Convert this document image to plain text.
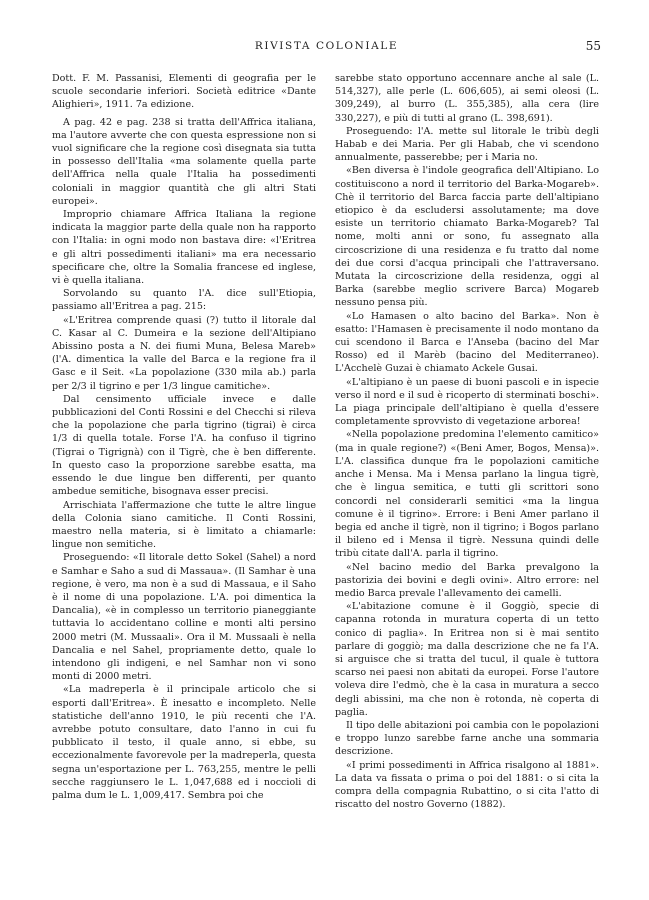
RIVISTA COLONIALE	55

Dott. F. M. Passanisi, Elementi di geografia per le scuole secondarie inferiori. Società editrice «Dante Alighieri», 1911. 7a edizione.

A pag. 42 e pag. 238 si tratta dell'Affrica italiana, ma l'autore avverte che con questa espressione non si vuol significare che la regione così disegnata sia tutta in possesso dell'Italia «ma solamente quella parte dell'Affrica nella quale l'Italia ha possedimenti coloniali in maggior quantità che gli altri Stati europei».

Improprio chiamare Affrica Italiana la regione indicata la maggior parte della quale non ha rapporto con l'Italia: in ogni modo non bastava dire: «l'Eritrea e gli altri possedimenti italiani» ma era necessario specificare che, oltre la Somalia francese ed inglese, vi è quella italiana.

Sorvolando su quanto l'A. dice sull'Etiopia, passiamo all'Eritrea a pag. 215:

«L'Eritrea comprende quasi (?) tutto il litorale dal C. Kasar al C. Dumeira e la sezione dell'Altipiano Abissino posta a N. dei fiumi Muna, Belesa Mareb» (l'A. dimentica la valle del Barca e la regione fra il Gasc e il Seit. «La popolazione (330 mila ab.) parla per 2/3 il tigrino e per 1/3 lingue camitiche».

Dal censimento ufficiale invece e dalle pubblicazioni del Conti Rossini e del Checchi si rileva che la popolazione che parla tigrino (tigrai) è circa 1/3 di quella totale. Forse l'A. ha confuso il tigrino (Tigrai o Tigrignà) con il Tigrè, che è ben differente. In questo caso la proporzione sarebbe esatta, ma essendo le due lingue ben differenti, per quanto ambedue semitiche, bisognava esser precisi.

Arrischiata l'affermazione che tutte le altre lingue della Colonia siano camitiche. Il Conti Rossini, maestro nella materia, si è limitato a chiamarle: lingue non semitiche.

Proseguendo: «Il litorale detto Sokel (Sahel) a nord e Samhar e Saho a sud di Massaua». (Il Samhar è una regione, è vero, ma non è a sud di Massaua, e il Saho è il nome di una popolazione. L'A. poi dimentica la Dancalia), «è in complesso un territorio pianeggiante tuttavia lo accidentano colline e monti alti persino 2000 metri (M. Mussaali». Ora il M. Mussaali è nella Dancalia e nel Sahel, propriamente detto, quale lo intendono gli indigeni, e nel Samhar non vi sono monti di 2000 metri.

«La madreperla è il principale articolo che si esporti dall'Eritrea». È inesatto e incompleto. Nelle statistiche dell'anno 1910, le più recenti che l'A. avrebbe potuto consultare, dato l'anno in cui fu pubblicato il testo, il quale anno, si ebbe, su eccezionalmente favorevole per la madreperla, questa segna un'esportazione per L. 763,255, mentre le pelli secche raggiunsero le L. 1,047,688 ed i noccioli di palma dum le L. 1,009,417. Sembra poi che

sarebbe stato opportuno accennare anche al sale (L. 514,327), alle perle (L. 606,605), ai semi oleosi (L. 309,249), al burro (L. 355,385), alla cera (lire 330,227), e più di tutti al grano (L. 398,691).

Proseguendo: l'A. mette sul litorale le tribù degli Habab e dei Maria. Per gli Habab, che vi scendono annualmente, passerebbe; per i Maria no.

«Ben diversa è l'indole geografica dell'Altipiano. Lo costituiscono a nord il territorio del Barka-Mogareb». Chè il territorio del Barca faccia parte dell'altipiano etiopico è da escludersi assolutamente; ma dove esiste un territorio chiamato Barka-Mogareb? Tal nome, molti anni or sono, fu assegnato alla circoscrizione di una residenza e fu tratto dal nome dei due corsi d'acqua principali che l'attraversano. Mutata la circoscrizione della residenza, oggi al Barka (sarebbe meglio scrivere Barca) Mogareb nessuno pensa più.

«Lo Hamasen o alto bacino del Barka». Non è esatto: l'Hamasen è precisamente il nodo montano da cui scendono il Barca e l'Anseba (bacino del Mar Rosso) ed il Marèb (bacino del Mediterraneo). L'Acchelè Guzai è chiamato Ackele Gusai.

«L'altipiano è un paese di buoni pascoli e in ispecie verso il nord e il sud è ricoperto di sterminati boschi». La piaga principale dell'altipiano è quella d'essere completamente sprovvisto di vegetazione arborea!

«Nella popolazione predomina l'elemento camitico» (ma in quale regione?) «(Beni Amer, Bogos, Mensa)». L'A. classifica dunque fra le popolazioni camitiche anche i Mensa. Ma i Mensa parlano la lingua tigrè, che è lingua semitica, e tutti gli scrittori sono concordi nel considerarli semitici «ma la lingua comune è il tigrino». Errore: i Beni Amer parlano il begia ed anche il tigrè, non il tigrino; i Bogos parlano il bileno ed i Mensa il tigrè. Nessuna quindi delle tribù citate dall'A. parla il tigrino.

«Nel bacino medio del Barka prevalgono la pastorizia dei bovini e degli ovini». Altro errore: nel medio Barca prevale l'allevamento dei camelli.

«L'abitazione comune è il Goggiò, specie di capanna rotonda in muratura coperta di un tetto conico di paglia». In Eritrea non si è mai sentito parlare di goggiò; ma dalla descrizione che ne fa l'A. si arguisce che si tratta del tucul, il quale è tuttora scarso nei paesi non abitati da europei. Forse l'autore voleva dire l'edmò, che è la casa in muratura a secco degli abissini, ma che non è rotonda, nè coperta di paglia.

Il tipo delle abitazioni poi cambia con le popolazioni e troppo lunzo sarebbe farne anche una sommaria descrizione.

«I primi possedimenti in Affrica risalgono al 1881». La data va fissata o prima o poi del 1881: o si cita la compra della compagnia Rubattino, o si cita l'atto di riscatto del nostro Governo (1882).
